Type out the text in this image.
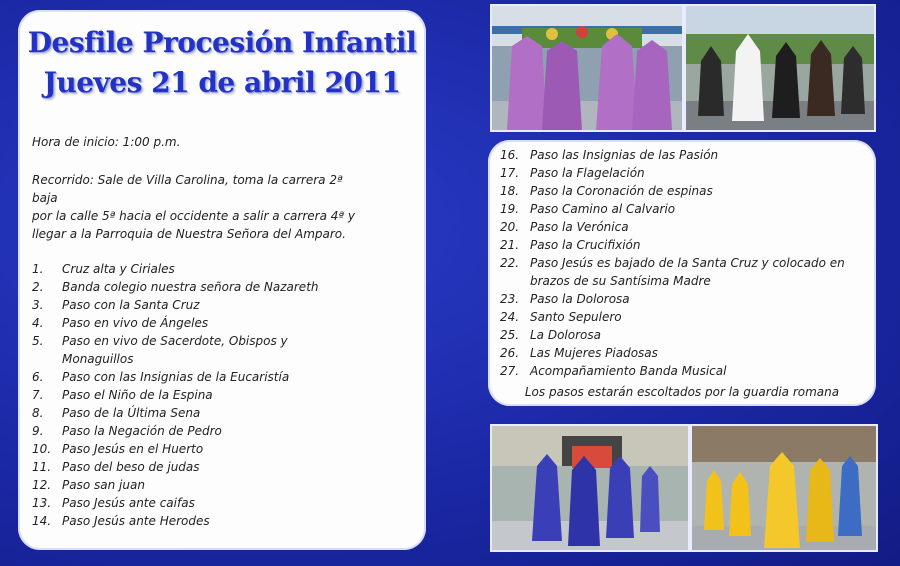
Desfile Procesión Infantil
Jueves 21 de abril 2011
Hora de inicio: 1:00 p.m.
Recorrido: Sale de Villa Carolina, toma la carrera 2ª
baja
por la calle 5ª hacia el occidente a salir a carrera 4ª y
llegar a la Parroquia de Nuestra Señora del Amparo.
1. Cruz alta y Ciriales
2. Banda colegio nuestra señora de Nazareth
3. Paso con la Santa Cruz
4. Paso en vivo de Ángeles
5. Paso en vivo de Sacerdote, Obispos y
Monaguillos
6. Paso con las Insignias de la Eucaristía
7. Paso el Niño de la Espina
8. Paso de la Última Sena
9. Paso la Negación de Pedro
10. Paso Jesús en el Huerto
11. Paso del beso de judas
12. Paso san juan
13. Paso Jesús ante caifas
14. Paso Jesús ante Herodes
16. Paso las Insignias de las Pasión
17. Paso la Flagelación
18. Paso la Coronación de espinas
19. Paso Camino al Calvario
20. Paso la Verónica
21. Paso la Crucifixión
22. Paso Jesús es bajado de la Santa Cruz y colocado en
brazos de su Santísima Madre
23. Paso la Dolorosa
24. Santo Sepulero
25. La Dolorosa
26. Las Mujeres Piadosas
27. Acompañamiento Banda Musical
Los pasos estarán escoltados por la guardia romana
